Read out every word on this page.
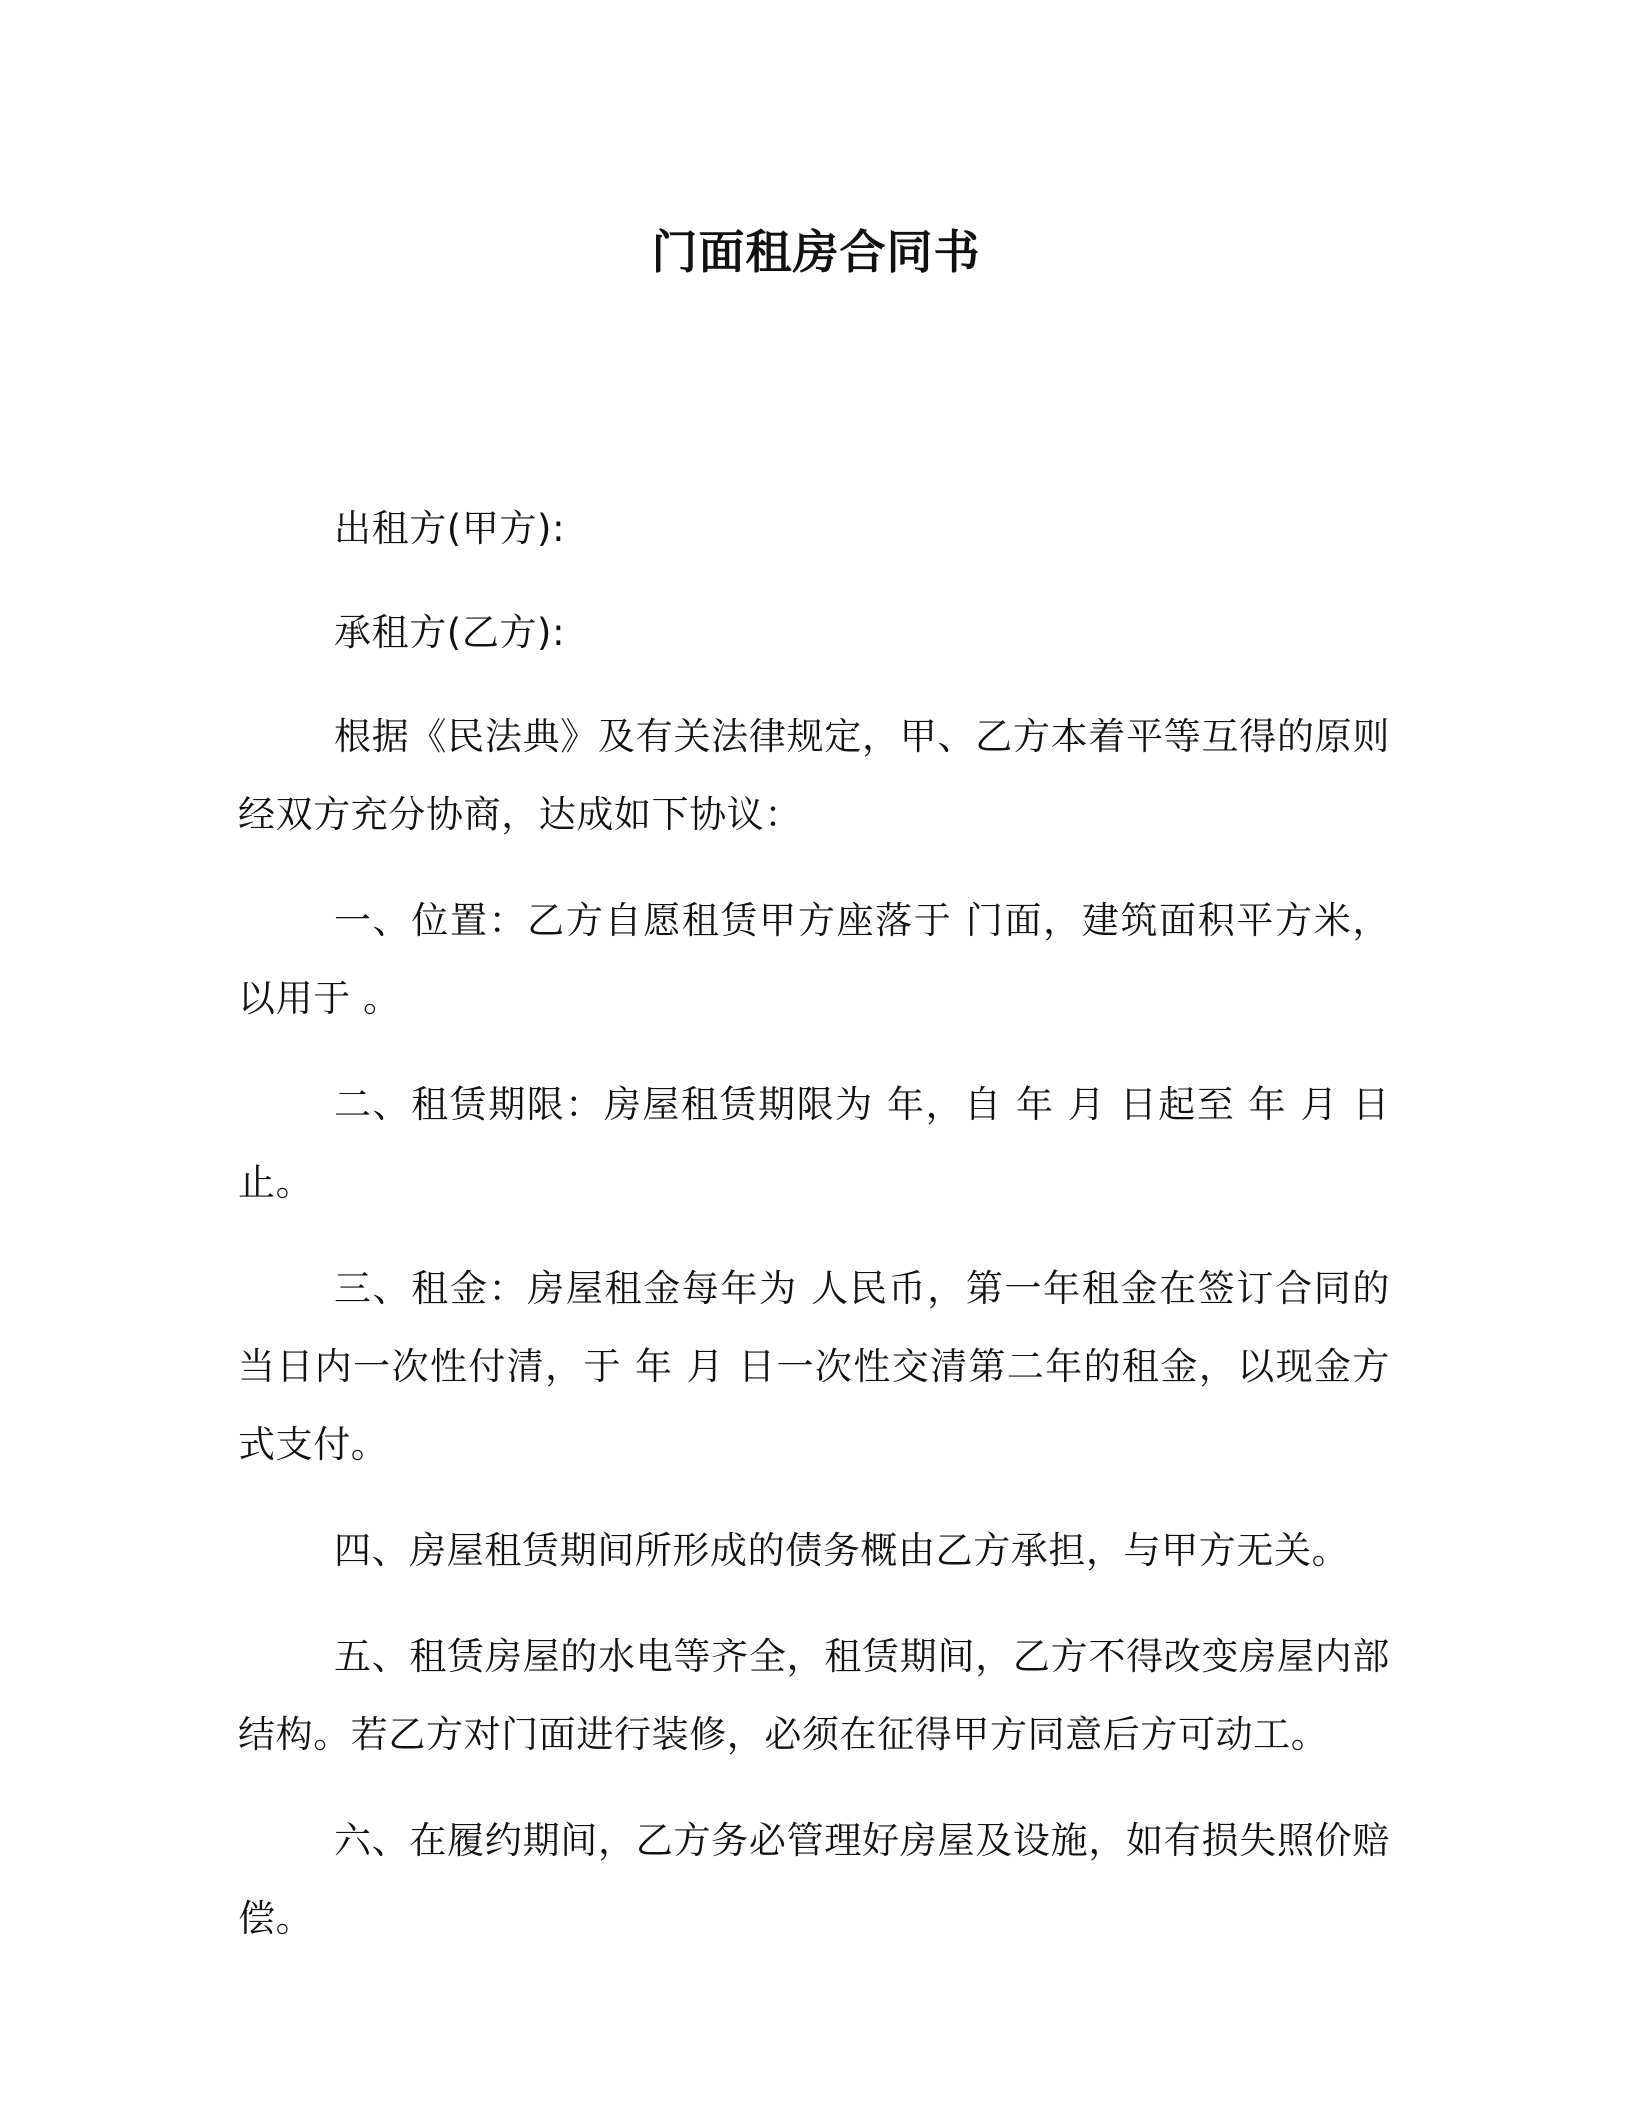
门面租房合同书

出租方(甲方):

承租方(乙方):

根据《民法典》及有关法律规定，甲、乙方本着平等互得的原则经双方充分协商，达成如下协议：

一、位置：乙方自愿租赁甲方座落于 门面，建筑面积平方米，以用于 。

二、租赁期限：房屋租赁期限为 年，自 年 月 日起至 年 月 日止。

三、租金：房屋租金每年为 人民币，第一年租金在签订合同的当日内一次性付清，于 年 月 日一次性交清第二年的租金，以现金方式支付。

四、房屋租赁期间所形成的债务概由乙方承担，与甲方无关。

五、租赁房屋的水电等齐全，租赁期间，乙方不得改变房屋内部结构。若乙方对门面进行装修，必须在征得甲方同意后方可动工。

六、在履约期间，乙方务必管理好房屋及设施，如有损失照价赔偿。
